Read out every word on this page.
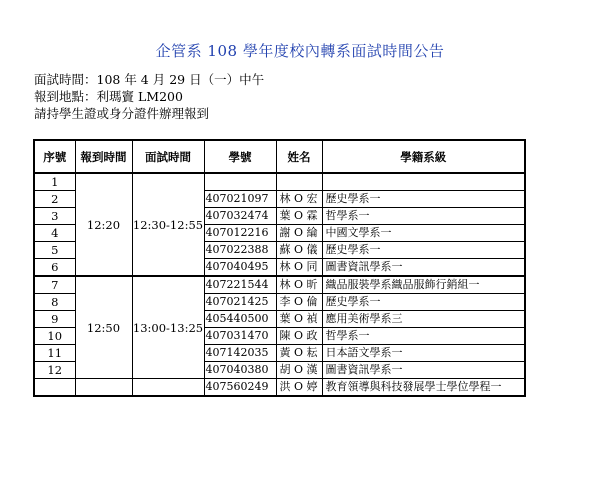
企管系 108 學年度校內轉系面試時間公告
面試時間：108 年 4 月 29 日（一）中午
報到地點：利瑪竇 LM200
請持學生證或身分證件辦理報到
序號	報到時間	面試時間	學號	姓名	學籍系級
1	12:20	12:30-12:55			
2			407021097	林 O 宏	歷史學系一
3			407032474	葉 O 霖	哲學系一
4			407012216	謝 O 綸	中國文學系一
5			407022388	蘇 O 儀	歷史學系一
6			407040495	林 O 同	圖書資訊學系一
7	12:50	13:00-13:25	407221544	林 O 昕	織品服裝學系織品服飾行銷組一
8			407021425	李 O 倫	歷史學系一
9			405440500	葉 O 禎	應用美術學系三
10			407031470	陳 O 政	哲學系一
11			407142035	黃 O 耘	日本語文學系一
12			407040380	胡 O 漢	圖書資訊學系一
			407560249	洪 O 婷	教育領導與科技發展學士學位學程一
